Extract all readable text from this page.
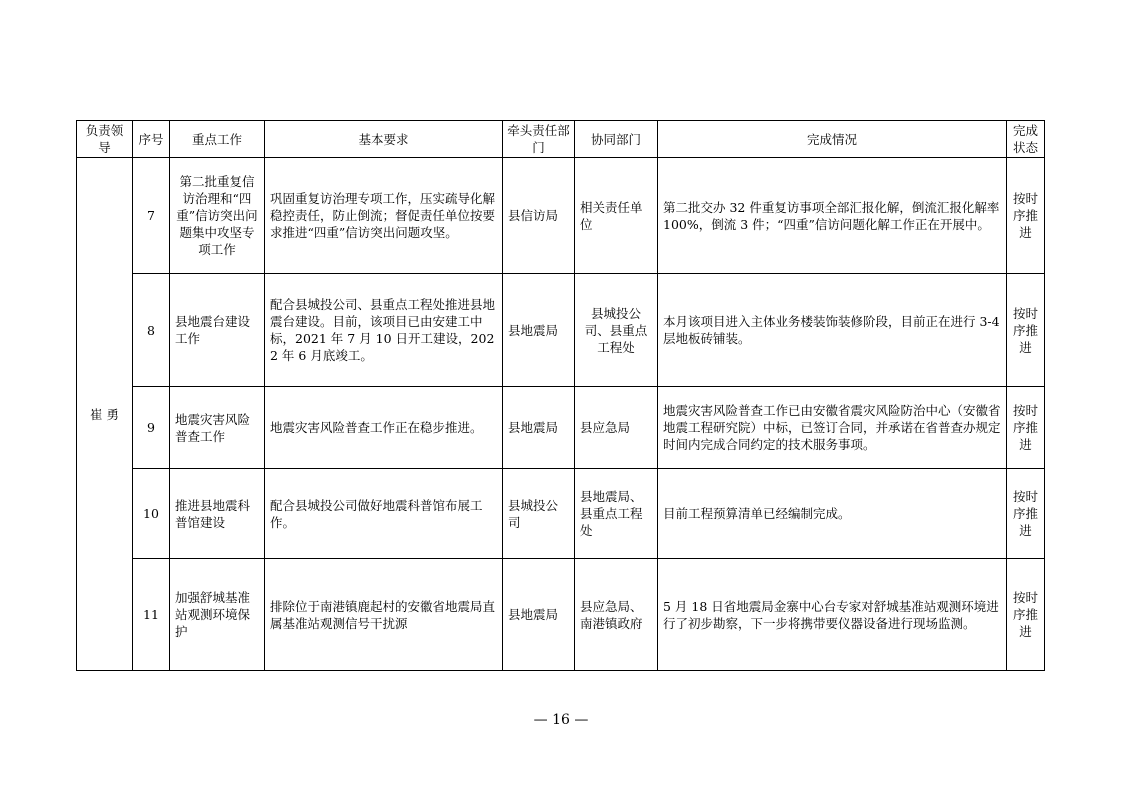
负责领导	序号	重点工作	基本要求	牵头责任部门	协同部门	完成情况	完成状态
崔 勇	7	第二批重复信访治理和“四重”信访突出问题集中攻坚专项工作	巩固重复访治理专项工作，压实疏导化解稳控责任，防止倒流；督促责任单位按要求推进“四重”信访突出问题攻坚。	县信访局	相关责任单位	第二批交办 32 件重复访事项全部汇报化解，倒流汇报化解率 100%，倒流 3 件；“四重”信访问题化解工作正在开展中。	按时序推进
	8	县地震台建设工作	配合县城投公司、县重点工程处推进县地震台建设。目前，该项目已由安建工中标，2021 年 7 月 10 日开工建设，2022 年 6 月底竣工。	县地震局	县城投公司、县重点工程处	本月该项目进入主体业务楼装饰装修阶段，目前正在进行 3-4 层地板砖铺装。	按时序推进
	9	地震灾害风险普查工作	地震灾害风险普查工作正在稳步推进。	县地震局	县应急局	地震灾害风险普查工作已由安徽省震灾风险防治中心（安徽省地震工程研究院）中标，已签订合同，并承诺在省普查办规定时间内完成合同约定的技术服务事项。	按时序推进
	10	推进县地震科普馆建设	配合县城投公司做好地震科普馆布展工作。	县城投公司	县地震局、县重点工程处	目前工程预算清单已经编制完成。	按时序推进
	11	加强舒城基准站观测环境保护	排除位于南港镇鹿起村的安徽省地震局直属基准站观测信号干扰源	县地震局	县应急局、南港镇政府	5 月 18 日省地震局金寨中心台专家对舒城基准站观测环境进行了初步勘察，下一步将携带要仪器设备进行现场监测。	按时序推进
— 16 —
